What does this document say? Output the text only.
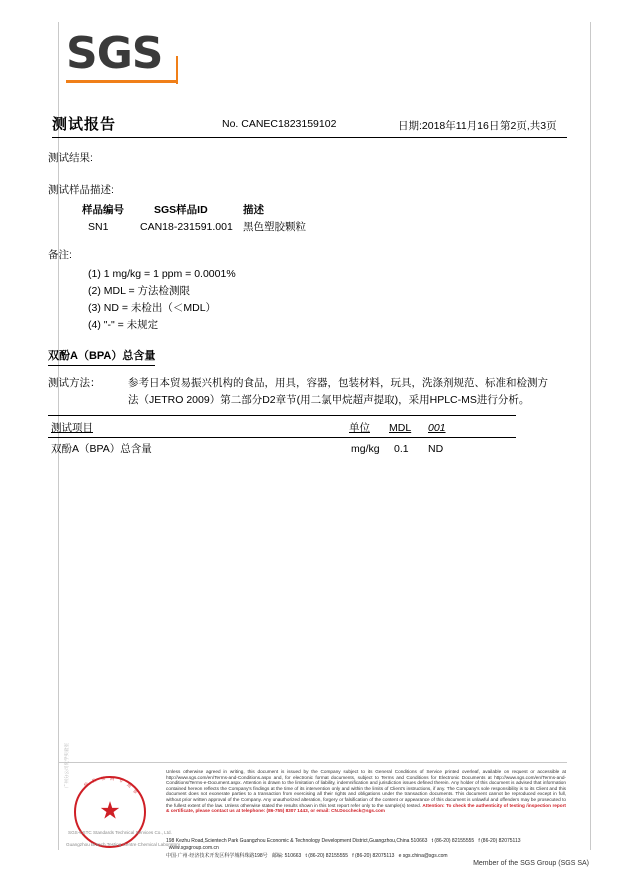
SGS
测试报告	No. CANEC1823159102	日期:2018年11月16日 第2页,共3页
测试结果:
测试样品描述:
样品编号	SGS样品ID	描述
SN1	CAN18-231591.001 黑色塑胶颗粒
备注:
(1) 1 mg/kg = 1 ppm = 0.0001%
(2) MDL = 方法检测限
(3) ND = 未检出（＜MDL）
(4) "-" = 未规定
双酚A（BPA）总含量
测试方法：	参考日本贸易振兴机构的食品，用具，容器，包装材料，玩具，洗涤剂规范、标准和检测方
法（JETRO 2009）第二部分D2章节(用二氯甲烷超声提取)，采用HPLC-MS进行分析。
测试项目	单位 MDL 001
双酚A（BPA）总含量	mg/kg 0.1 ND
★
检
验 检 测 专
用
章
广州分公司化学实验室
SGS-CSTC Standards Technical Services Co., Ltd.
Guangzhou Branch Testing Centre Chemical Laboratory
Unless otherwise agreed in writing, this document is issued by the Company subject to its General Conditions of Service printed overleaf, available on request or accessible at http://www.sgs.com/en/Terms-and-Conditions.aspx and, for electronic format documents, subject to Terms and Conditions for Electronic Documents at http://www.sgs.com/en/Terms-and-Conditions/Terms-e-Document.aspx. Attention is drawn to the limitation of liability, indemnification and jurisdiction issues defined therein. Any holder of this document is advised that information contained hereon reflects the Company's findings at the time of its intervention only and within the limits of Client's instructions, if any. The Company's sole responsibility is to its Client and this document does not exonerate parties to a transaction from exercising all their rights and obligations under the transaction documents. This document cannot be reproduced except in full, without prior written approval of the Company. Any unauthorized alteration, forgery or falsification of the content or appearance of this document is unlawful and offenders may be prosecuted to the fullest extent of the law. Unless otherwise stated the results shown in this test report refer only to the sample(s) tested. Attention: To check the authenticity of testing /inspection report & certificate, please contact us at telephone: (86-755) 8307 1443, or email: CN.Doccheck@sgs.com
198 Kezhu Road,Scientech Park Guangzhou Economic & Technology Development District,Guangzhou,China 510663 t (86-20) 82155555 f (86-20) 82075113   www.sgsgroup.com.cn
中国·广州·经济技术开发区科学城科珠路198号 邮编: 510663 t (86-20) 82155555 f (86-20) 82075113 e sgs.china@sgs.com
Member of the SGS Group (SGS SA)
